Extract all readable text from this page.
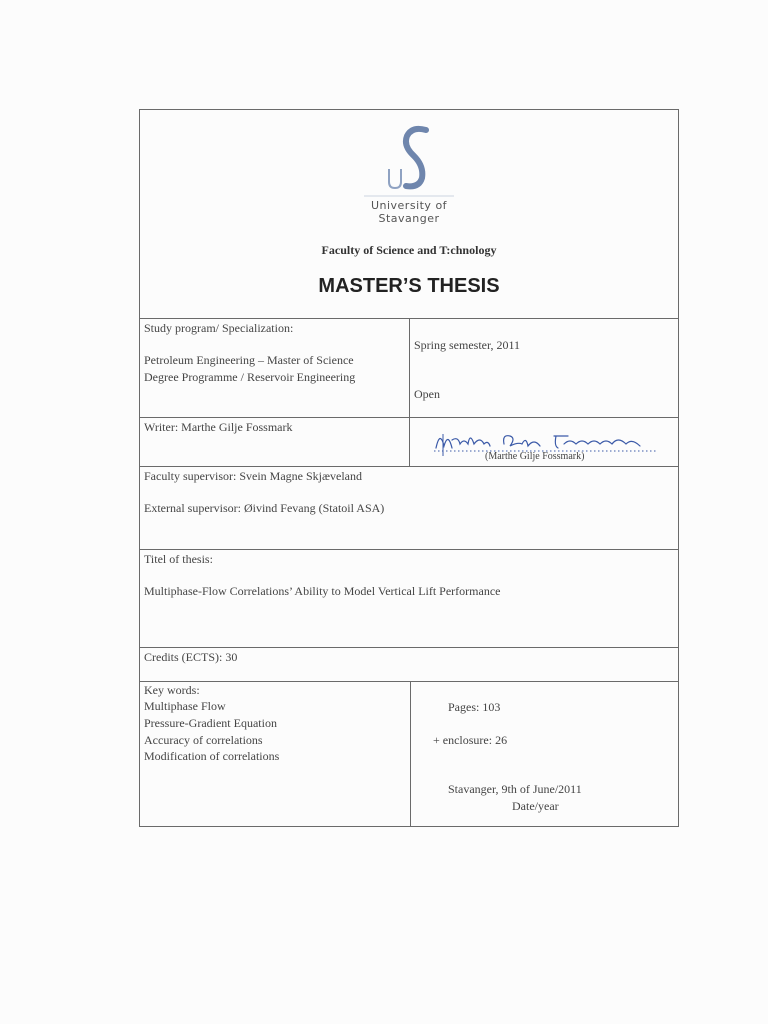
University of
Stavanger
Faculty of Science and T:chnology
MASTER’S THESIS
Study program/ Specialization:
Petroleum Engineering – Master of Science
Degree Programme / Reservoir Engineering
Spring semester, 2011
Open
Writer: Marthe Gilje Fossmark
(Marthe Gilje Fossmark)
Faculty supervisor: Svein Magne Skjæveland
External supervisor: Øivind Fevang (Statoil ASA)
Titel of thesis:
Multiphase-Flow Correlations’ Ability to Model Vertical Lift Performance
Credits (ECTS): 30
Key words:
Multiphase Flow
Pressure-Gradient Equation
Accuracy of correlations
Modification of correlations
Pages: 103
+ enclosure: 26
Stavanger, 9th of June/2011
Date/year
